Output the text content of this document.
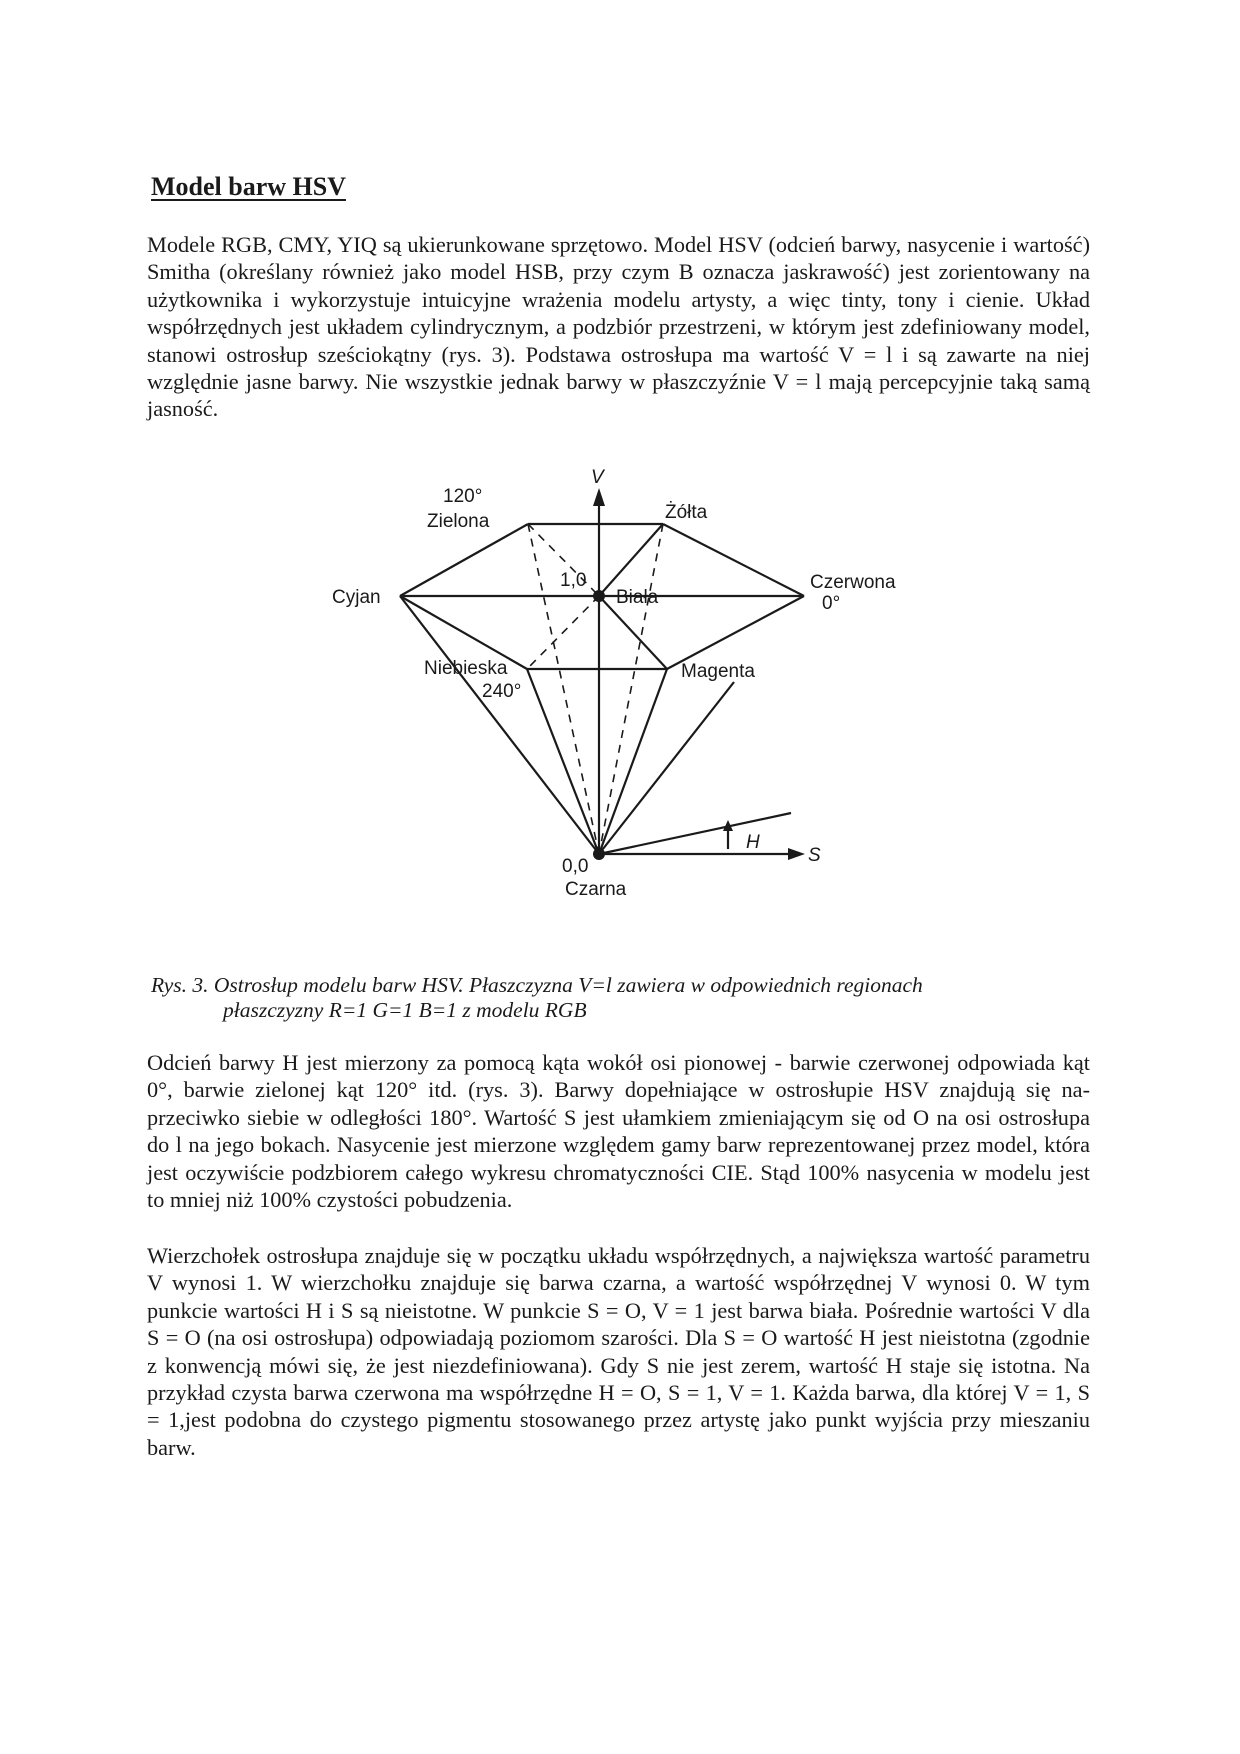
Model barw HSV

Modele RGB, CMY, YIQ są ukierunkowane sprzętowo. Model HSV (odcień barwy, nasycenie i wartość) Smitha (określany również jako model HSB, przy czym B oznacza jaskrawość) jest zorientowany na użytkownika i wykorzystuje intuicyjne wrażenia modelu artysty, a więc tinty, tony i cienie. Układ współrzędnych jest układem cylindrycznym, a podzbiór przestrzeni, w którym jest zdefiniowany model, stanowi ostrosłup sześciokątny (rys. 3). Podstawa ostrosłupa ma wartość V = l i są zawarte na niej względnie jasne barwy. Nie wszystkie jednak barwy w płaszczyźnie V = l mają percepcyjnie taką samą jasność.

120°
Zielona
V
Żółta
Cyjan
1,0
Biała
Czerwona
0°
Niebieska
240°
Magenta
H
0,0
S
Czarna
Rys. 3. Ostrosłup modelu barw HSV. Płaszczyzna V=l zawiera w odpowiednich regionach
płaszczyzny R=1 G=1 B=1 z modelu RGB

Odcień barwy H jest mierzony za pomocą kąta wokół osi pionowej - barwie czerwonej odpowiada kąt 0°, barwie zielonej kąt 120° itd. (rys. 3). Barwy dopełniające w ostrosłupie HSV znajdują się na-przeciwko siebie w odległości 180°. Wartość S jest ułamkiem zmieniającym się od O na osi ostrosłupa do l na jego bokach. Nasycenie jest mierzone względem gamy barw reprezentowanej przez model, która jest oczywiście podzbiorem całego wykresu chromatyczności CIE. Stąd 100% nasycenia w modelu jest to mniej niż 100% czystości pobudzenia.

Wierzchołek ostrosłupa znajduje się w początku układu współrzędnych, a największa wartość parametru V wynosi 1. W wierzchołku znajduje się barwa czarna, a wartość współrzędnej V wynosi 0. W tym punkcie wartości H i S są nieistotne. W punkcie S = O, V = 1 jest barwa biała. Pośrednie wartości V dla S = O (na osi ostrosłupa) odpowiadają poziomom szarości. Dla S = O wartość H jest nieistotna (zgodnie z konwencją mówi się, że jest niezdefiniowana). Gdy S nie jest zerem, wartość H staje się istotna. Na przykład czysta barwa czerwona ma współrzędne H = O, S = 1, V = 1. Każda barwa, dla której V = 1, S = 1,jest podobna do czystego pigmentu stosowanego przez artystę jako punkt wyjścia przy mieszaniu barw.
